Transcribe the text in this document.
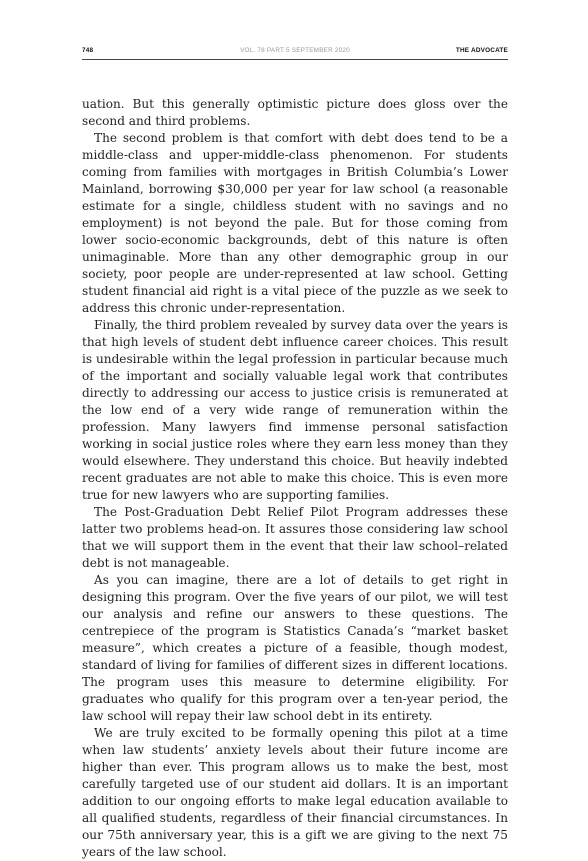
748	VOL. 78 PART 5 SEPTEMBER 2020	THE ADVOCATE

uation. But this generally optimistic picture does gloss over the second and third problems.

The second problem is that comfort with debt does tend to be a middle-class and upper-middle-class phenomenon. For students coming from families with mortgages in British Columbia’s Lower Mainland, borrowing $30,000 per year for law school (a reasonable estimate for a single, childless student with no savings and no employment) is not beyond the pale. But for those coming from lower socio-economic backgrounds, debt of this nature is often unimaginable. More than any other demographic group in our society, poor people are under-represented at law school. Getting student financial aid right is a vital piece of the puzzle as we seek to address this chronic under-representation.

Finally, the third problem revealed by survey data over the years is that high levels of student debt influence career choices. This result is undesirable within the legal profession in particular because much of the important and socially valuable legal work that contributes directly to addressing our access to justice crisis is remunerated at the low end of a very wide range of remuneration within the profession. Many lawyers find immense personal satisfaction working in social justice roles where they earn less money than they would elsewhere. They understand this choice. But heavily indebted recent graduates are not able to make this choice. This is even more true for new lawyers who are supporting families.

The Post-Graduation Debt Relief Pilot Program addresses these latter two problems head-on. It assures those considering law school that we will support them in the event that their law school–related debt is not manageable.

As you can imagine, there are a lot of details to get right in designing this program. Over the five years of our pilot, we will test our analysis and refine our answers to these questions. The centrepiece of the program is Statistics Canada’s “market basket measure”, which creates a picture of a feasible, though modest, standard of living for families of different sizes in different locations. The program uses this measure to determine eligibility. For graduates who qualify for this program over a ten-year period, the law school will repay their law school debt in its entirety.

We are truly excited to be formally opening this pilot at a time when law students’ anxiety levels about their future income are higher than ever. This program allows us to make the best, most carefully targeted use of our student aid dollars. It is an important addition to our ongoing efforts to make legal education available to all qualified students, regardless of their financial circumstances. In our 75th anniversary year, this is a gift we are giving to the next 75 years of the law school.
